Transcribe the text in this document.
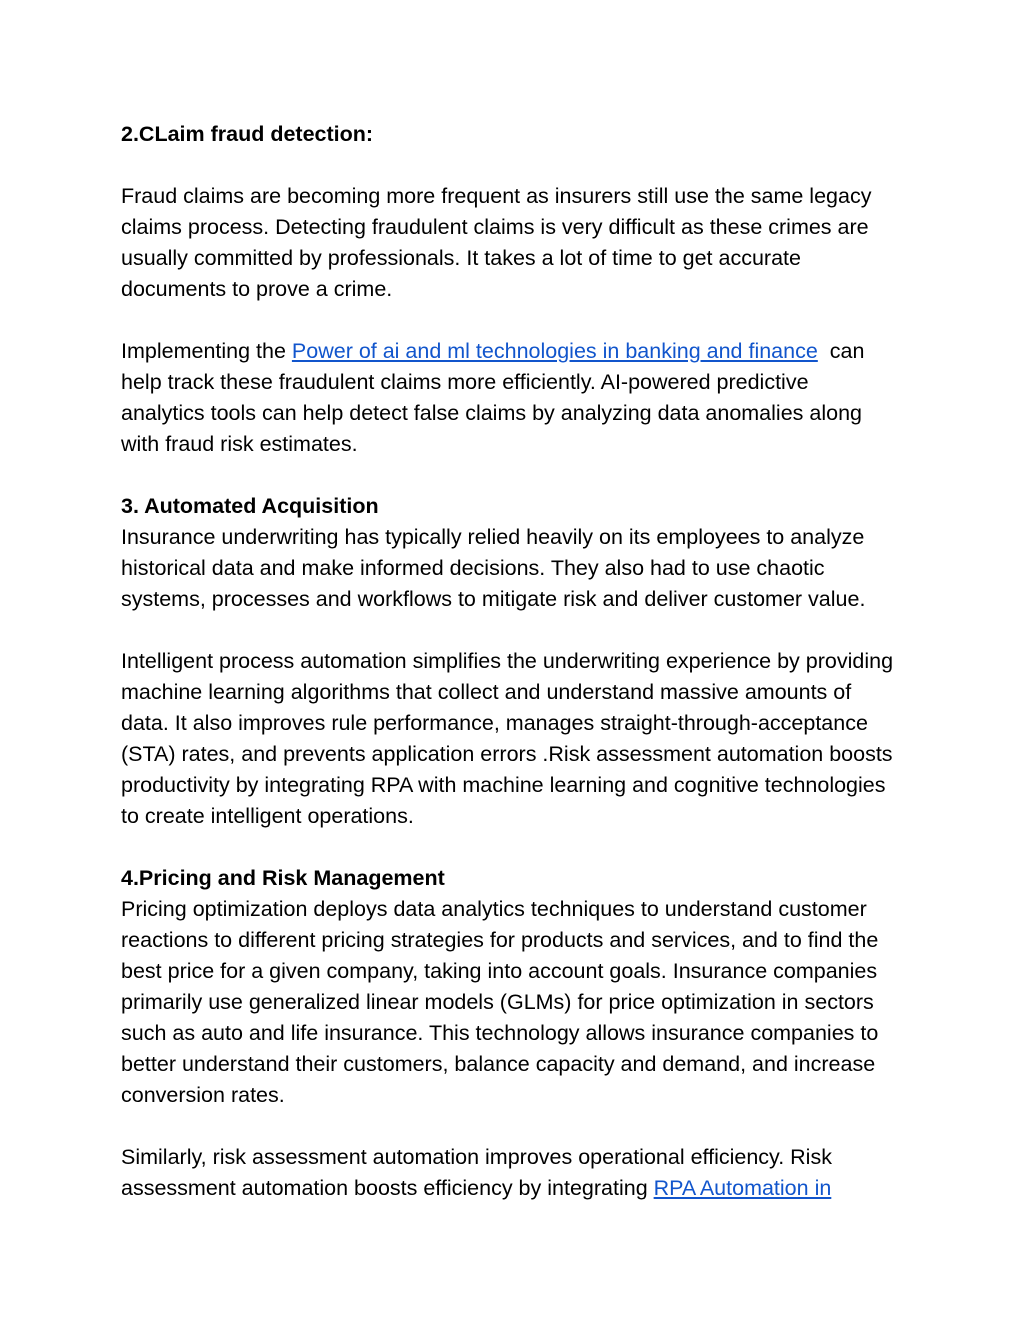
2.CLaim fraud detection:

Fraud claims are becoming more frequent as insurers still use the same legacy

claims process. Detecting fraudulent claims is very difficult as these crimes are

usually committed by professionals. It takes a lot of time to get accurate

documents to prove a crime.

Implementing the Power of ai and ml technologies in banking and finance  can

help track these fraudulent claims more efficiently. AI-powered predictive

analytics tools can help detect false claims by analyzing data anomalies along

with fraud risk estimates.

3. Automated Acquisition

Insurance underwriting has typically relied heavily on its employees to analyze

historical data and make informed decisions. They also had to use chaotic

systems, processes and workflows to mitigate risk and deliver customer value.

Intelligent process automation simplifies the underwriting experience by providing

machine learning algorithms that collect and understand massive amounts of

data. It also improves rule performance, manages straight-through-acceptance

(STA) rates, and prevents application errors .Risk assessment automation boosts

productivity by integrating RPA with machine learning and cognitive technologies

to create intelligent operations.

4.Pricing and Risk Management

Pricing optimization deploys data analytics techniques to understand customer

reactions to different pricing strategies for products and services, and to find the

best price for a given company, taking into account goals. Insurance companies

primarily use generalized linear models (GLMs) for price optimization in sectors

such as auto and life insurance. This technology allows insurance companies to

better understand their customers, balance capacity and demand, and increase

conversion rates.

Similarly, risk assessment automation improves operational efficiency. Risk

assessment automation boosts efficiency by integrating RPA Automation in
